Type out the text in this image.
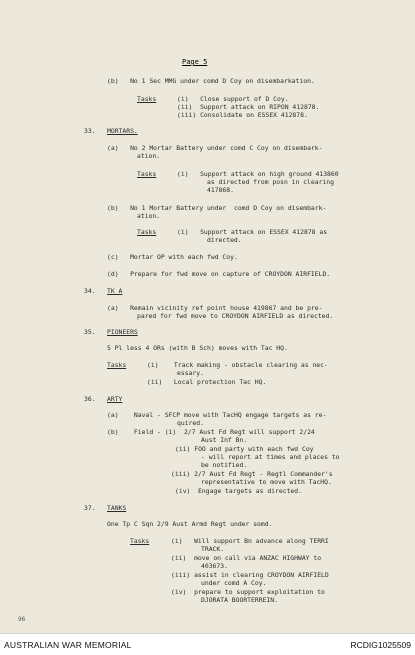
Page 5
(b)   No 1 Sec MMG under comd D Coy on disembarkation.
Tasks	(i)   Close support of D Coy.
(ii)  Support attack on RIPON 412878.
(iii) Consolidate on ESSEX 412878.
33. MORTARS.
(a)   No 2 Mortar Battery under comd C Coy on disembark-
ation.
Tasks	(i)   Support attack on high ground 413860
as directed from posn in clearing
417868.
(b)   No 1 Mortar Battery under  comd D Coy on disembark-
ation.
Tasks	(i)   Support attack on ESSEX 412878 as
directed.
(c)   Mortar OP with each fwd Coy.
(d)   Prepare for fwd move on capture of CROYDON AIRFIELD.
34. TK A
(a)   Remain vicinity ref point house 419867 and be pre-
pared for fwd move to CROYDON AIRFIELD as directed.
35. PIONEERS
5 Pl less 4 ORs (with B Sch) moves with Tac HQ.
Tasks	(i)    Track making - obstacle clearing as nec-
essary.
(ii)   Local protection Tac HQ.
36. ARTY
(a)    Naval - SFCP move with TacHQ engage targets as re-
quired.
(b)    Field - (i)  2/7 Aust Fd Regt will support 2/24
Aust Inf Bn.
(ii) FOO and party with each fwd Coy
- will report at times and places to
be notified.
(iii) 2/7 Aust Fd Regt - Regtl Commander's
representative to move with TacHQ.
(iv)  Engage targets as directed.
37. TANKS
One Tp C Sqn 2/9 Aust Armd Regt under somd.
Tasks	(i)   Will support Bn advance along TERRI
TRACK.
(ii)  move on call via ANZAC HIGHWAY to
403673.
(iii) assist in clearing CROYDON AIRFIELD
under comd A Coy.
(iv)  prepare to support exploitation to
DJORATA BOORTERREIN.
96
AUSTRALIAN WAR MEMORIAL	RCDIG1025509
